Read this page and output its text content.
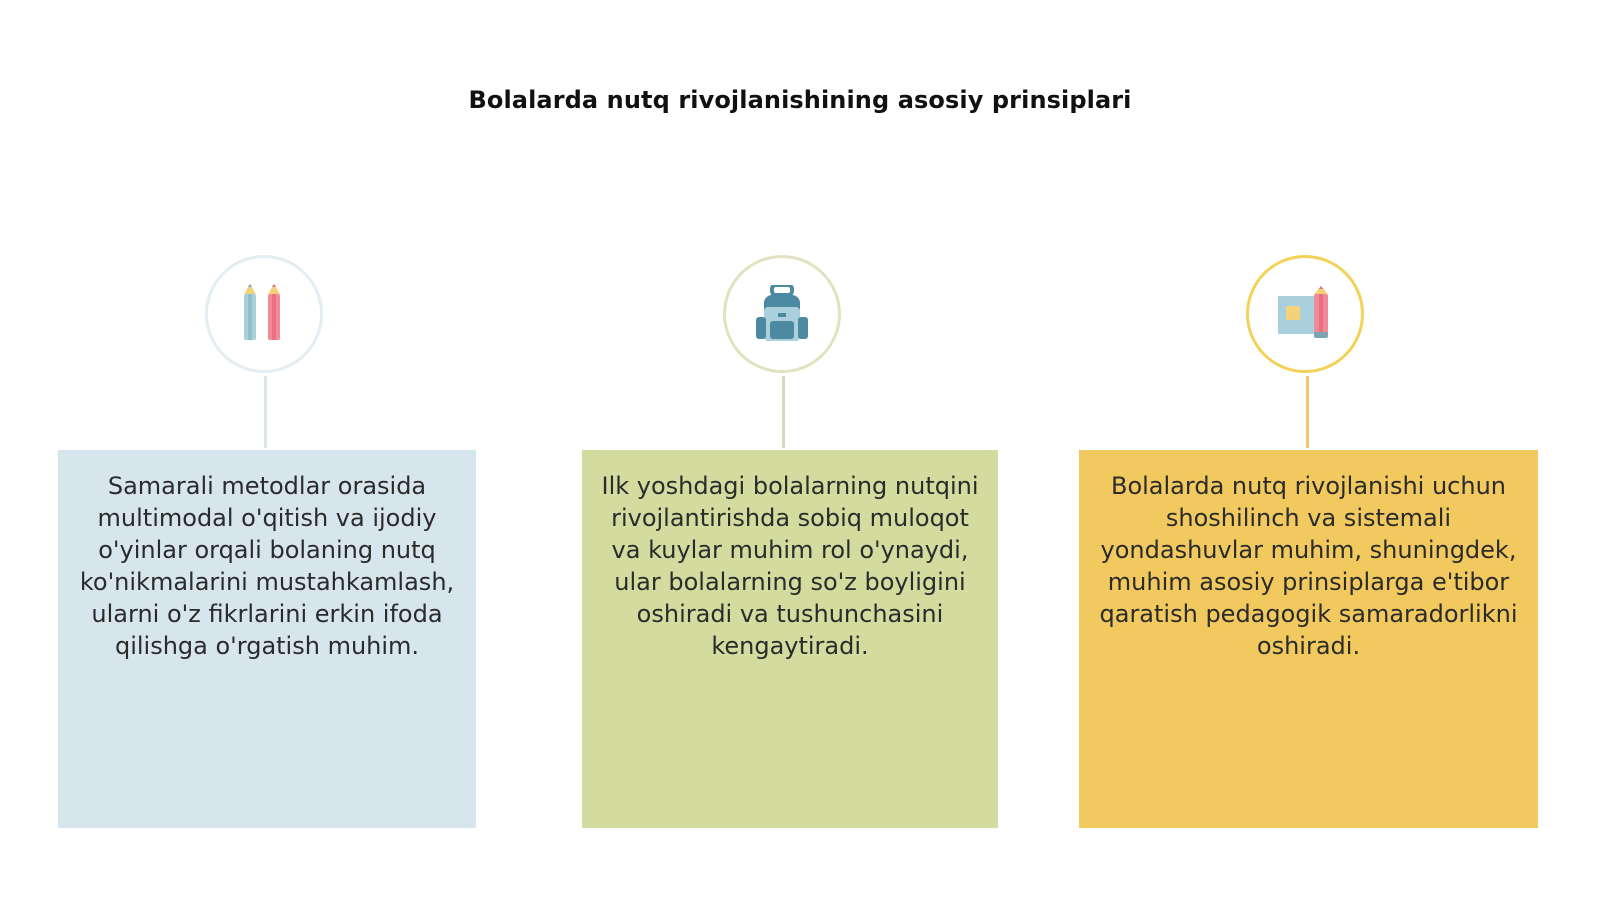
Bolalarda nutq rivojlanishining asosiy prinsiplari
Samarali metodlar orasida multimodal o'qitish va ijodiy o'yinlar orqali bolaning nutq ko'nikmalarini mustahkamlash, ularni o'z fikrlarini erkin ifoda qilishga o'rgatish muhim.
Ilk yoshdagi bolalarning nutqini rivojlantirishda sobiq muloqot va kuylar muhim rol o'ynaydi, ular bolalarning so'z boyligini oshiradi va tushunchasini kengaytiradi.
Bolalarda nutq rivojlanishi uchun shoshilinch va sistemali yondashuvlar muhim, shuningdek, muhim asosiy prinsiplarga e'tibor qaratish pedagogik samaradorlikni oshiradi.
